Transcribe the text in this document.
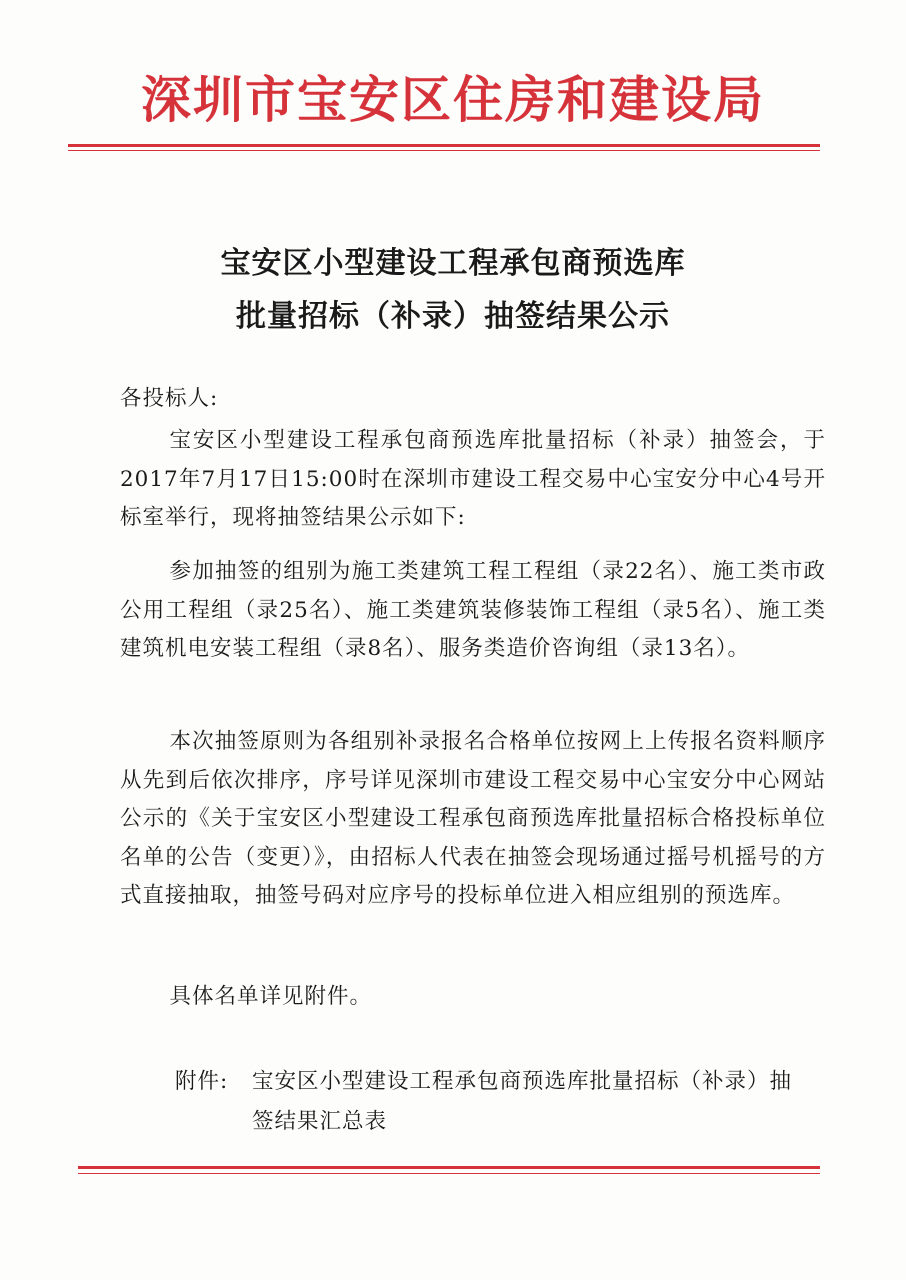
深圳市宝安区住房和建设局
宝安区小型建设工程承包商预选库
批量招标（补录）抽签结果公示
各投标人:

宝安区小型建设工程承包商预选库批量招标（补录）抽签会，于2017年7月17日15:00时在深圳市建设工程交易中心宝安分中心4号开标室举行，现将抽签结果公示如下:

参加抽签的组别为施工类建筑工程工程组（录22名）、施工类市政公用工程组（录25名）、施工类建筑装修装饰工程组（录5名）、施工类建筑机电安装工程组（录8名）、服务类造价咨询组（录13名）。

本次抽签原则为各组别补录报名合格单位按网上上传报名资料顺序从先到后依次排序，序号详见深圳市建设工程交易中心宝安分中心网站公示的《关于宝安区小型建设工程承包商预选库批量招标合格投标单位名单的公告（变更）》，由招标人代表在抽签会现场通过摇号机摇号的方式直接抽取，抽签号码对应序号的投标单位进入相应组别的预选库。

具体名单详见附件。

附件:	宝安区小型建设工程承包商预选库批量招标（补录）抽签结果汇总表
